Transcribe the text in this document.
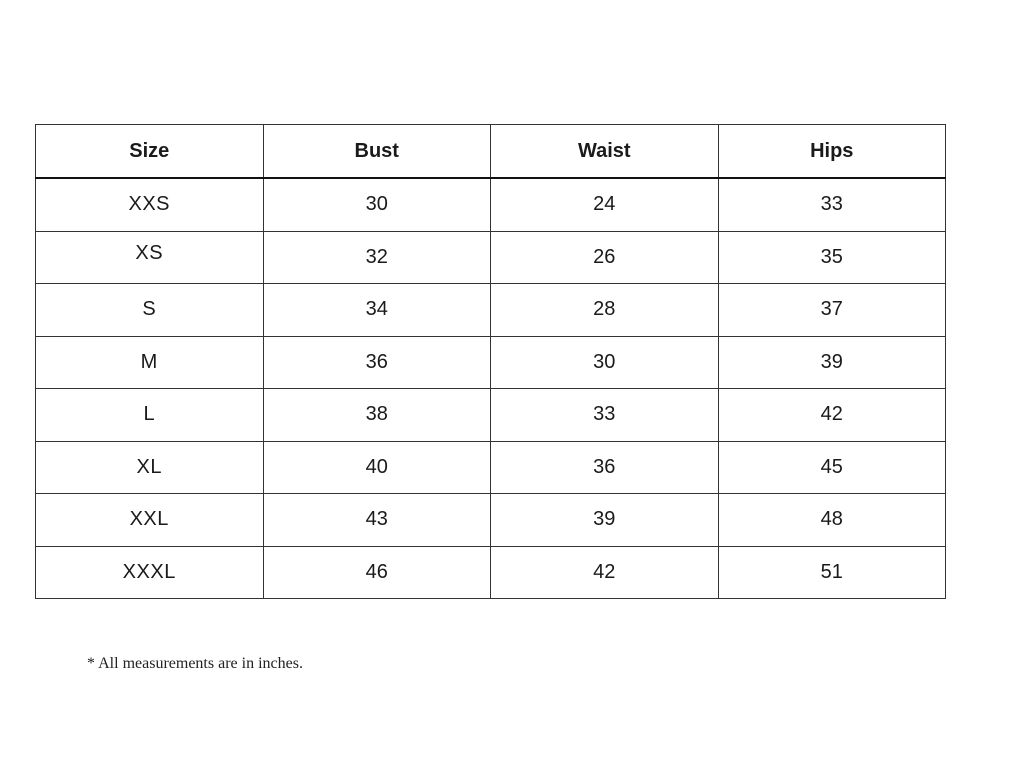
Size	Bust	Waist	Hips
XXS	30	24	33
XS	32	26	35
S	34	28	37
M	36	30	39
L	38	33	42
XL	40	36	45
XXL	43	39	48
XXXL	46	42	51
* All measurements are in inches.
